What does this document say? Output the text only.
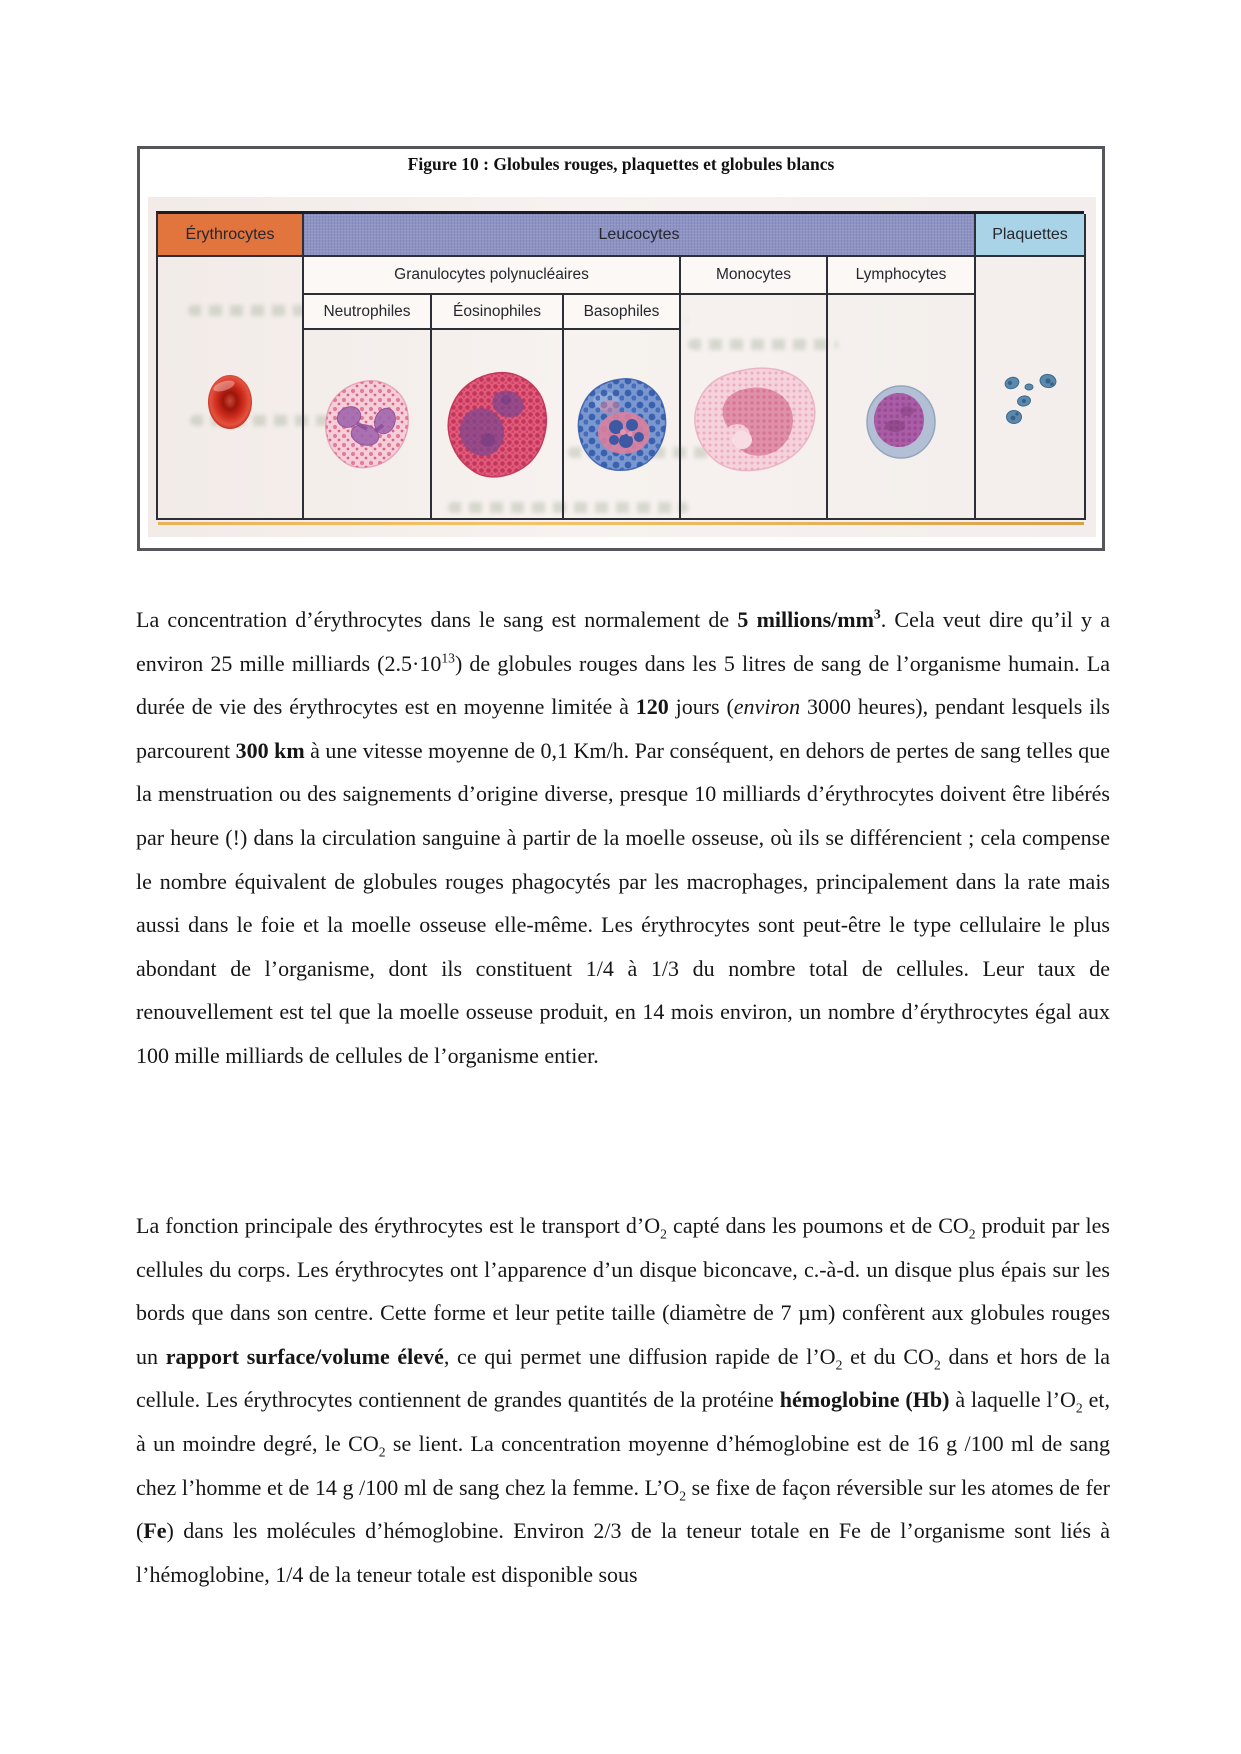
Figure 10 : Globules rouges, plaquettes et globules blancs
Érythrocytes	Leucocytes	Plaquettes
Granulocytes polynucléaires	Monocytes	Lymphocytes
Neutrophiles	Éosinophiles	Basophiles

La concentration d’érythrocytes dans le sang est normalement de 5 millions/$mm^3$. Cela veut dire qu’il y a environ 25 mille milliards $(2.5\cdot 10^{13})$ de globules rouges dans les 5 litres de sang de l’organisme humain. La durée de vie des érythrocytes est en moyenne limitée à 120 jours (environ 3000 heures), pendant lesquels ils parcourent 300 km à une vitesse moyenne de 0,1 Km/h. Par conséquent, en dehors de pertes de sang telles que la menstruation ou des saignements d’origine diverse, presque 10 milliards d’érythrocytes doivent être libérés par heure (!) dans la circulation sanguine à partir de la moelle osseuse, où ils se différencient ; cela compense le nombre équivalent de globules rouges phagocytés par les macrophages, principalement dans la rate mais aussi dans le foie et la moelle osseuse elle-même. Les érythrocytes sont peut-être le type cellulaire le plus abondant de l’organisme, dont ils constituent 1/4 à 1/3 du nombre total de cellules. Leur taux de renouvellement est tel que la moelle osseuse produit, en 14 mois environ, un nombre d’érythrocytes égal aux 100 mille milliards de cellules de l’organisme entier.

La fonction principale des érythrocytes est le transport $d’O_2$ capté dans les poumons et de $CO_2$ produit par les cellules du corps. Les érythrocytes ont l’apparence d’un disque biconcave, c.-à-d. un disque plus épais sur les bords que dans son centre. Cette forme et leur petite taille (diamètre de 7 µm) confèrent aux globules rouges un rapport surface/volume élevé, ce qui permet une diffusion rapide de $l’O_2$ et du $CO_2$ dans et hors de la cellule. Les érythrocytes contiennent de grandes quantités de la protéine hémoglobine (Hb) à laquelle $l’O_2$ et, à un moindre degré, le $CO_2$ se lient. La concentration moyenne d’hémoglobine est de 16 g /100 ml de sang chez l’homme et de 14 g /100 ml de sang chez la femme. $L’O_2$ se fixe de façon réversible sur les atomes de fer (Fe) dans les molécules d’hémoglobine. Environ 2/3 de la teneur totale en Fe de l’organisme sont liés à l’hémoglobine, 1/4 de la teneur totale est disponible sous
